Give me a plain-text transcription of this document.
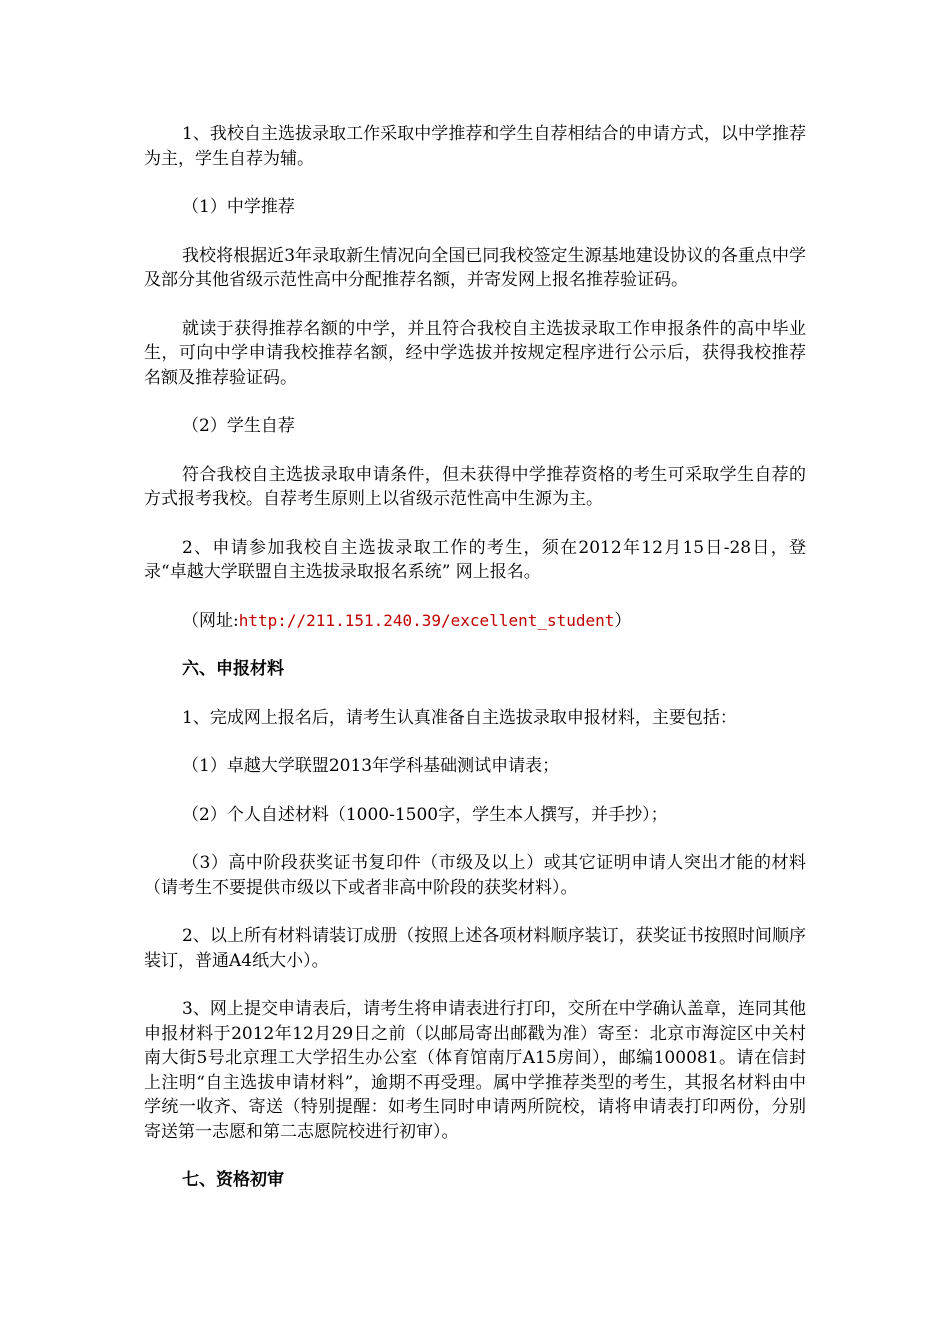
1、我校自主选拔录取工作采取中学推荐和学生自荐相结合的申请方式，以中学推荐为主，学生自荐为辅。

（1）中学推荐

我校将根据近3年录取新生情况向全国已同我校签定生源基地建设协议的各重点中学及部分其他省级示范性高中分配推荐名额，并寄发网上报名推荐验证码。

就读于获得推荐名额的中学，并且符合我校自主选拔录取工作申报条件的高中毕业生，可向中学申请我校推荐名额，经中学选拔并按规定程序进行公示后，获得我校推荐名额及推荐验证码。

（2）学生自荐

符合我校自主选拔录取申请条件，但未获得中学推荐资格的考生可采取学生自荐的方式报考我校。自荐考生原则上以省级示范性高中生源为主。

2、申请参加我校自主选拔录取工作的考生，须在2012年12月15日-28日，登录“卓越大学联盟自主选拔录取报名系统” 网上报名。

（网址:http://211.151.240.39/excellent_student）

六、申报材料

1、完成网上报名后，请考生认真准备自主选拔录取申报材料，主要包括：

（1）卓越大学联盟2013年学科基础测试申请表；

（2）个人自述材料（1000-1500字，学生本人撰写，并手抄）；

（3）高中阶段获奖证书复印件（市级及以上）或其它证明申请人突出才能的材料（请考生不要提供市级以下或者非高中阶段的获奖材料）。

2、以上所有材料请装订成册（按照上述各项材料顺序装订，获奖证书按照时间顺序装订，普通A4纸大小）。

3、网上提交申请表后，请考生将申请表进行打印，交所在中学确认盖章，连同其他申报材料于2012年12月29日之前（以邮局寄出邮戳为准）寄至：北京市海淀区中关村南大街5号北京理工大学招生办公室（体育馆南厅A15房间），邮编100081。请在信封上注明“自主选拔申请材料”，逾期不再受理。属中学推荐类型的考生，其报名材料由中学统一收齐、寄送（特别提醒：如考生同时申请两所院校，请将申请表打印两份，分别寄送第一志愿和第二志愿院校进行初审）。

七、资格初审
